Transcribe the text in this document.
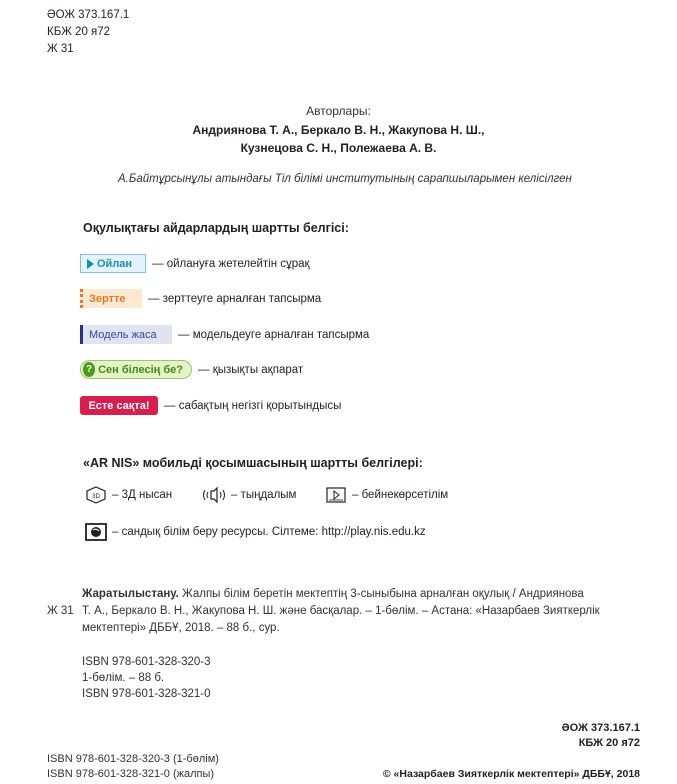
ӘОЖ 373.167.1
КБЖ 20 я72
Ж 31
Авторлары:
Андриянова Т. А., Беркало В. Н., Жакупова Н. Ш.,
Кузнецова С. Н., Полежаева А. В.
А.Байтұрсынұлы атындағы Тіл білімі институтының сарапшыларымен келісілген
Оқулықтағы айдарлардың шартты белгісі:
Ойлан — ойлануға жетелейтін сұрақ
Зертте — зерттеуге арналған тапсырма
Модель жаса — модельдеуге арналған тапсырма
? Сен білесің бе? — қызықты ақпарат
Есте сақта! — сабақтың негізгі қорытындысы
«AR NIS» мобильді қосымшасының шартты белгілері:
3D – 3Д нысан	– тыңдалым	– бейнекөрсетілім
– сандық білім беру ресурсы. Сілтеме: http://play.nis.edu.kz
Жаратылыстану. Жалпы білім беретін мектептің 3-сыныбына арналған оқулық / Андриянова
Т. А., Беркало В. Н., Жакупова Н. Ш. және басқалар. – 1-бөлім. – Астана: «Назарбаев Зияткерлік
мектептері» ДББҰ, 2018. – 88 б., сур.
Ж 31
ISBN 978-601-328-320-3
1-бөлім. – 88 б.
ISBN 978-601-328-321-0
ӘОЖ 373.167.1
КБЖ 20 я72
ISBN 978-601-328-320-3 (1-бөлім)
ISBN 978-601-328-321-0 (жалпы)	© «Назарбаев Зияткерлік мектептері» ДББҰ, 2018
